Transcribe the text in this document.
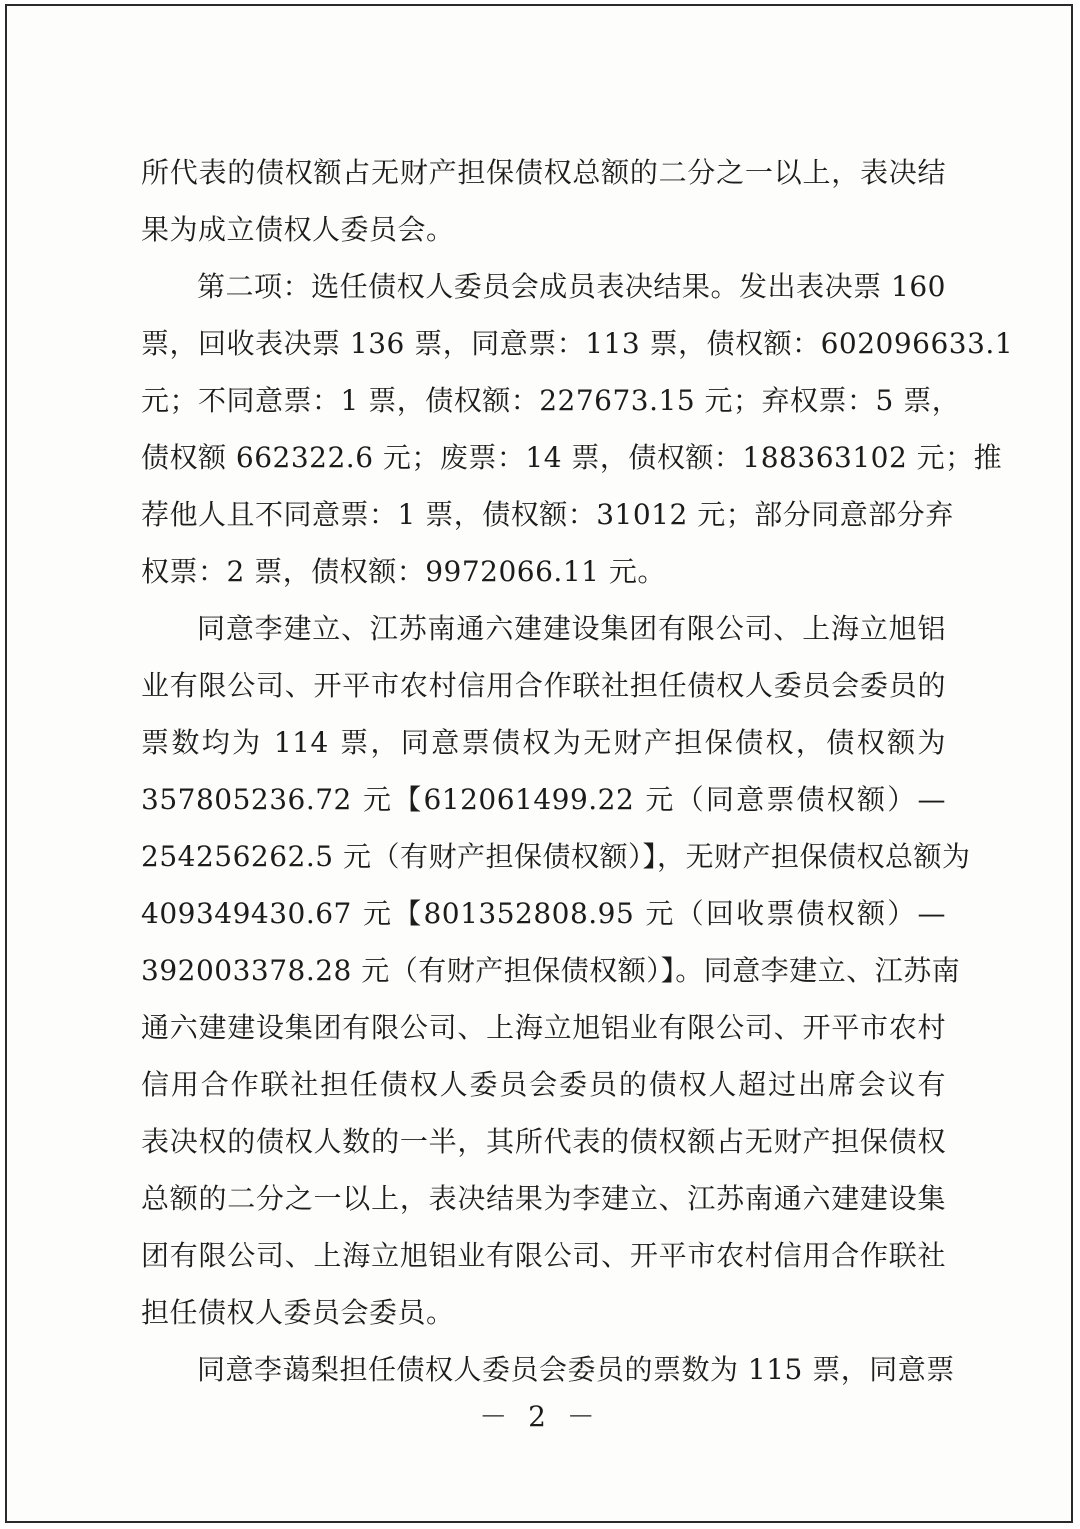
所代表的债权额占无财产担保债权总额的二分之一以上，表决结
果为成立债权人委员会。
第二项：选任债权人委员会成员表决结果。发出表决票 160
票，回收表决票 136 票，同意票：113 票，债权额：602096633.1
元；不同意票：1 票，债权额：227673.15 元；弃权票：5 票，
债权额 662322.6 元；废票：14 票，债权额：188363102 元；推
荐他人且不同意票：1 票，债权额：31012 元；部分同意部分弃
权票：2 票，债权额：9972066.11 元。
同意李建立、江苏南通六建建设集团有限公司、上海立旭铝
业有限公司、开平市农村信用合作联社担任债权人委员会委员的
票数均为 114 票，同意票债权为无财产担保债权，债权额为
357805236.72 元【612061499.22 元（同意票债权额）—
254256262.5 元（有财产担保债权额）】，无财产担保债权总额为
409349430.67 元【801352808.95 元（回收票债权额）—
392003378.28 元（有财产担保债权额）】。同意李建立、江苏南
通六建建设集团有限公司、上海立旭铝业有限公司、开平市农村
信用合作联社担任债权人委员会委员的债权人超过出席会议有
表决权的债权人数的一半，其所代表的债权额占无财产担保债权
总额的二分之一以上，表决结果为李建立、江苏南通六建建设集
团有限公司、上海立旭铝业有限公司、开平市农村信用合作联社
担任债权人委员会委员。
同意李蔼梨担任债权人委员会委员的票数为 115 票，同意票
－ 2 －
